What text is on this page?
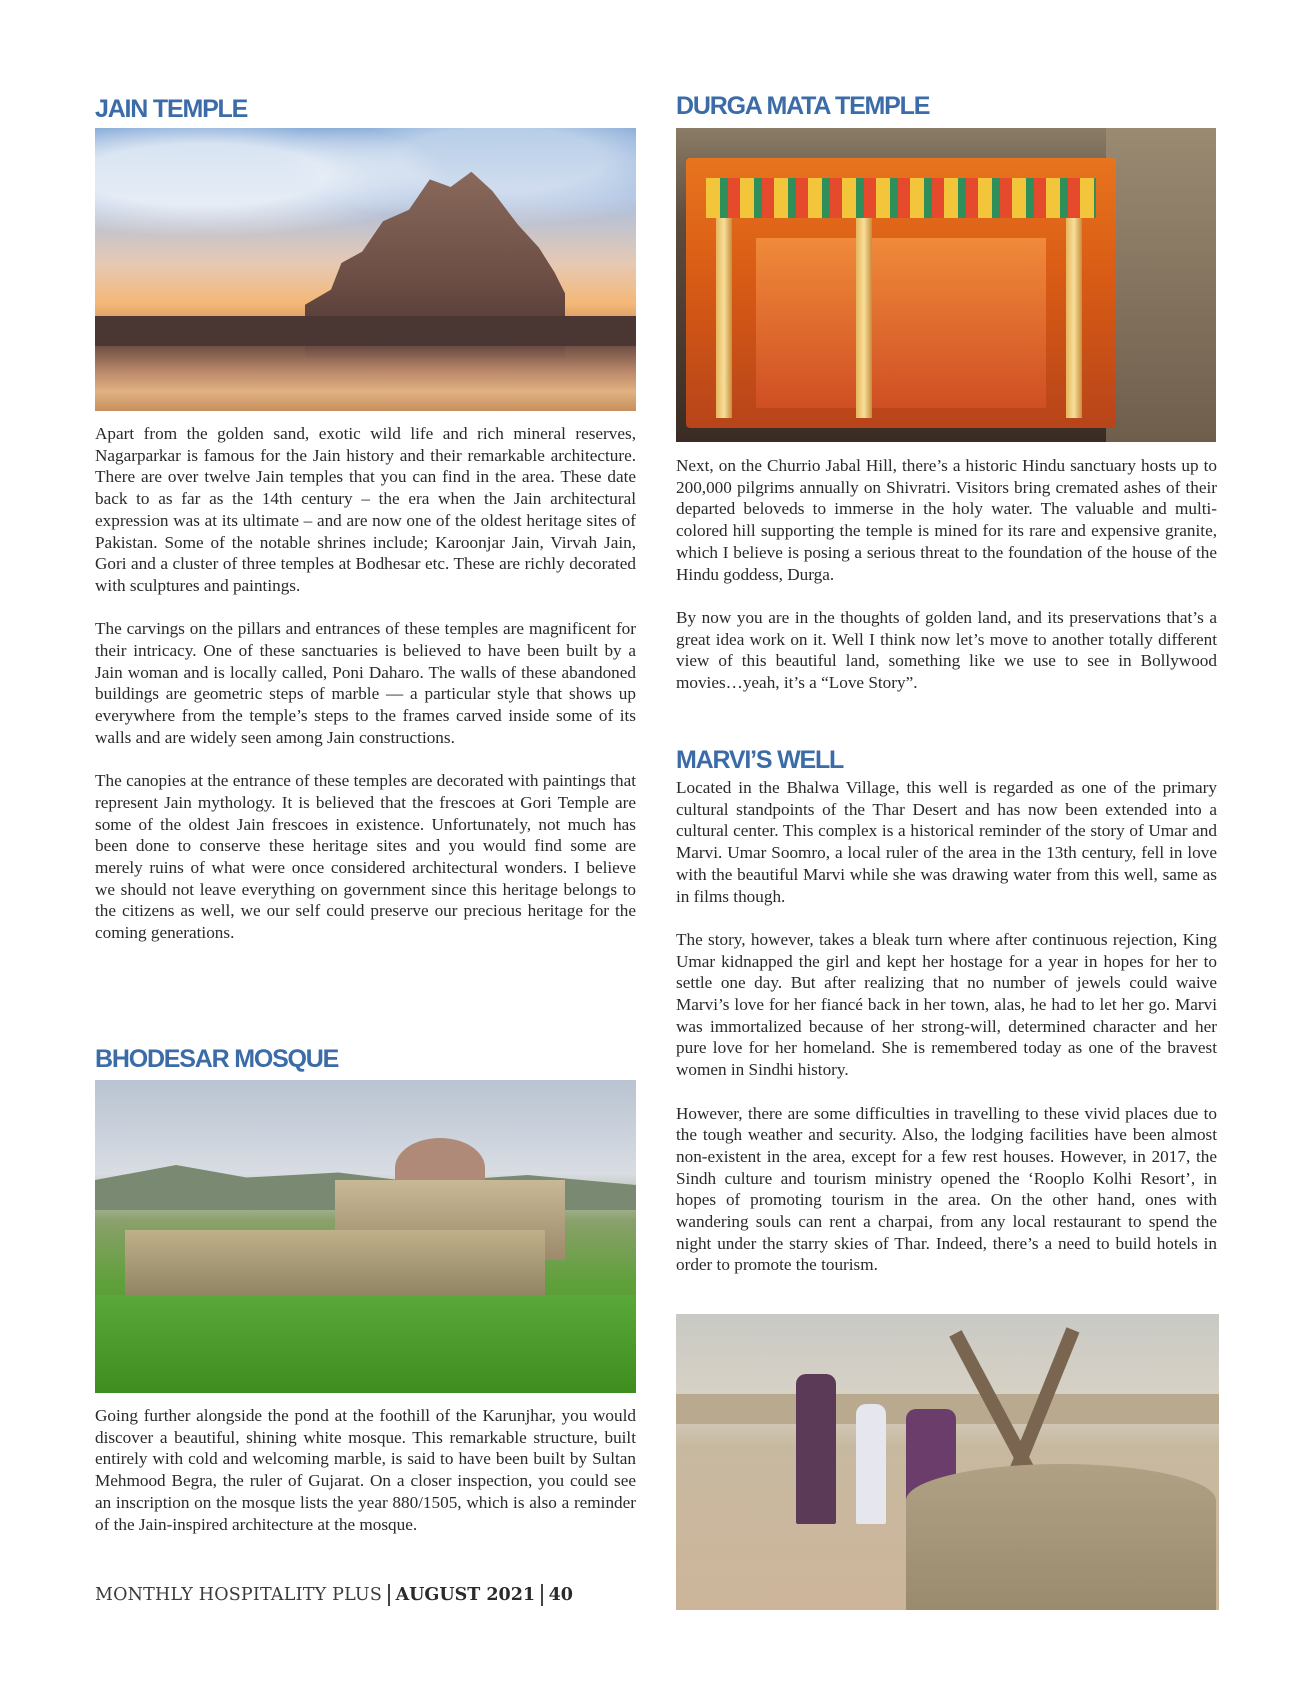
JAIN TEMPLE

Apart from the golden sand, exotic wild life and rich mineral reserves, Nagarparkar is famous for the Jain history and their remarkable architecture. There are over twelve Jain temples that you can find in the area. These date back to as far as the 14th century – the era when the Jain architectural expression was at its ultimate – and are now one of the oldest heritage sites of Pakistan. Some of the notable shrines include; Karoonjar Jain, Virvah Jain, Gori and a cluster of three temples at Bodhesar etc. These are richly decorated with sculptures and paintings.

The carvings on the pillars and entrances of these temples are magnificent for their intricacy. One of these sanctuaries is believed to have been built by a Jain woman and is locally called, Poni Daharo. The walls of these abandoned buildings are geometric steps of marble — a particular style that shows up everywhere from the temple’s steps to the frames carved inside some of its walls and are widely seen among Jain constructions.

The canopies at the entrance of these temples are decorated with paintings that represent Jain mythology. It is believed that the frescoes at Gori Temple are some of the oldest Jain frescoes in existence. Unfortunately, not much has been done to conserve these heritage sites and you would find some are merely ruins of what were once considered architectural wonders. I believe we should not leave everything on government since this heritage belongs to the citizens as well, we our self could preserve our precious heritage for the coming generations.

BHODESAR MOSQUE

Going further alongside the pond at the foothill of the Karunjhar, you would discover a beautiful, shining white mosque. This remarkable structure, built entirely with cold and welcoming marble, is said to have been built by Sultan Mehmood Begra, the ruler of Gujarat. On a closer inspection, you could see an inscription on the mosque lists the year 880/1505, which is also a reminder of the Jain-inspired architecture at the mosque.

MONTHLY HOSPITALITY PLUS AUGUST 2021 40
DURGA MATA TEMPLE

Next, on the Churrio Jabal Hill, there’s a historic Hindu sanctuary hosts up to 200,000 pilgrims annually on Shivratri. Visitors bring cremated ashes of their departed beloveds to immerse in the holy water. The valuable and multi-colored hill supporting the temple is mined for its rare and expensive granite, which I believe is posing a serious threat to the foundation of the house of the Hindu goddess, Durga.

By now you are in the thoughts of golden land, and its preservations that’s a great idea work on it. Well I think now let’s move to another totally different view of this beautiful land, something like we use to see in Bollywood movies…yeah, it’s a “Love Story”.

MARVI’S WELL

Located in the Bhalwa Village, this well is regarded as one of the primary cultural standpoints of the Thar Desert and has now been extended into a cultural center. This complex is a historical reminder of the story of Umar and Marvi. Umar Soomro, a local ruler of the area in the 13th century, fell in love with the beautiful Marvi while she was drawing water from this well, same as in films though.

The story, however, takes a bleak turn where after continuous rejection, King Umar kidnapped the girl and kept her hostage for a year in hopes for her to settle one day. But after realizing that no number of jewels could waive Marvi’s love for her fiancé back in her town, alas, he had to let her go. Marvi was immortalized because of her strong-will, determined character and her pure love for her homeland. She is remembered today as one of the bravest women in Sindhi history.

However, there are some difficulties in travelling to these vivid places due to the tough weather and security. Also, the lodging facilities have been almost non-existent in the area, except for a few rest houses. However, in 2017, the Sindh culture and tourism ministry opened the ‘Rooplo Kolhi Resort’, in hopes of promoting tourism in the area. On the other hand, ones with wandering souls can rent a charpai, from any local restaurant to spend the night under the starry skies of Thar. Indeed, there’s a need to build hotels in order to promote the tourism.
